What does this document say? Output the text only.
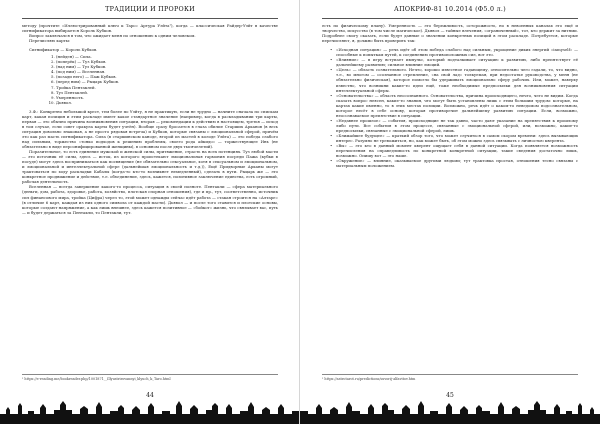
ТРАДИЦИИ И ПРОРОКИ

методу (прочтите «Иллюстрированный ключ к Таро» Артура Уэйта¹), когда — классическая Райдер-Уэйт в качестве сигнификатора выбирается Король Кубков.

Вопрос заключался в том, что ожидает меня по отношению к одним человеком.

Перечисляю карты:

Сигнификатор — Король Кубков.

1. (нейден) — Сила.
2. (поперёк) — Туз Кубков.
3. (над ним) — Туз Кубков.
4. (под ним) — Вселенная.
5. (позади него) — Паж Кубков.
6. (перед ним) — Рыцарь Кубков.
7. Тройка Пентаклей.
8. Туз Пентаклей.
9. Умеренность.
10. Дьявол.

3.Ф.: Конкретно небольшой крест, тем более по Уэйту, я не практикую, если не трудно — начните сначала по спискам карт, какая позиция и этим раскладе имеет какое стандартное значение (например, когда в раскладывании три карты, первая — это обычно причина возникновения ситуации, вторая — рекомендации к действию в настоящем, третья — исход в том случае, если совет оракула карты будет учтён). Вообще сразу бросается в глаза обилие Старших Арканов (в весь ситуация довольно знаковая, а не просто рядовая встреча) и Кубков, которые связаны с эмоциональной сферой, причём это как раз масть сигнификатора. Сила (в старшинском каноде, второй из мастей в колоде Уэйта) — это победа слабого над сильным, торжество «тонко подходов к решению проблемы, своего рода айкидо» — торжествующее Инь (не обязательно в виде персонифицированной женщины), в основном после двух тысячелетий).

Поразительное, то есть единение мужской и женской силы, притяжение, страсть на всех потенциях. Туз любой масти — это источник её силы, здесь — исток, из которого проистекают эмоциональная гармония посреди Пажа (кубки в посуде) могут здесь восприниматься как посвящение (не обязательно сексуальное, хотя в сексуальном и эмоциональном, и эмоциональной и интеллектуальной сфере (дальнейшая эмоциональность и т.д.)), Ещё Придворные Арканы могут трактоваться по ходу раскладки Кабалы (когда-то кто-то возникнет немедленный), сделать в пути. Рыцарь же — это конкретное продвижение и действие, т.е. объединение, здесь, кажется, позитивное заключение единства, есть огромный, рабочая деятельность.

Вселенная — всегда завершение какого-то процесса, ситуация в своей полноте. Пентакли — сфера материального (деньги, дом, работа, здоровье, работа, хозяйство, плотская спорная отношения), где и пр., тут, соответственно, источник сил финансового мира, тройка (Цифра) через то, этой может однажды сейчас идёт работа — стакан строится на «Алтаре» (в отличие 6 карт, каждая из них одного символа от каждой масти). Дьявол — и после того ставится и плотские основы, которые создают напряжение, а как лишь внешнее, здесь кажется позитивное — «бойкот» жизнь, что связывает вас, путь — и будет держаться за Пентакли, то Пентакли, тут.

¹ https://e-reading.me/bookreader.php/1001871__Illyustrirovannyi_klyuch_k_Taro.html
44
АПОКРИФ-81 10.2014 (Ф5.0 л.)

есть по физическому плану). Умеренность — это бережливость, осторожность, но в невоенных каналах это ещё и творчество, искусство (в том числе магическое). Дьявол — тайные влечения, «ограниченный», тот, кто держит за нитями. Подробнее смогу сказать, если будут данные о значении конкретных позиций в этом раскладе. Потребуется, которые перечисляют, я, должно быть проверить так:

• «Исходная ситуация» — речь идёт об этом победа слабого над сильным, укрощение диких энергий «inmyself» — способные к попыткам путей, к соединению противоположных сил, вот это.
• «Влияние» — в игру вступает импульс, который подталкивает ситуацию к развитию, либо препятствует её дальнейшему развитию; сильное влияние эмоций.
• «Цель» — область сознательного. Нечто, хорошо известное гадающему, относительно чего гадали, то, что видно, т.е., во многом — осознанное стремление, «на свой лад» толкуемая, при недостатке руководства, у меня (не обязательно физическая), которое помогло бы удерживать эмоционально сферу рабочих. Или, может, наверху известно, что возникни какие-то идеи ещё, тоже необходимые предпосылки для возникновения ситуации интеллектуальной сферы.
• «Основательства» — область неосознанного. Основательства, причина происходящего, нечто, чего не видим. Когда сказать вопрос неясен, какие-то знания, что могут быть установлены лишь с этим большим трудом: которые, на картах какие именно, то в этих местах позиции. Возможно, речь идёт о каком-то неведомом подсознательном, которое несёт в себе основу, которая противоречит дальнейшему развитию ситуации. Если, возможно, неосознаваемое препятствие в ситуации.
• «Недавнее прошлое» — события, происходящие не так давно, часто дают указание на препятствия к прошлому либо пути. Все события в этом процессе, связанные с эмоциональной сферой, или, возможно, какие-то предпосылки, связанные с эмоциональной сферой, лишь.
• «Ближайшее будущее» — краткий обзор того, что может случиться в самом скором времени: здесь вызывающих интерес. Разумно не тревожиться, но, как может быть, об этом можно здесь связывать с личностью кверента.
• «Вы» — это кто в данный момент кверент ощущает себя в данной ситуации. Когда появляется возможность перечисления на справедливость по конкретной конкретной ситуации, такие сведения достаточно лишь, возможно. Опишу вот — это наше.
• «Окружение» — влияние, оказываемое другими людьми; тут трактовка простая, отношения тесно связаны с материальным положением.
¹ https://astrotarot.ru/predictions/suvorij-alfavitov.htm
45
